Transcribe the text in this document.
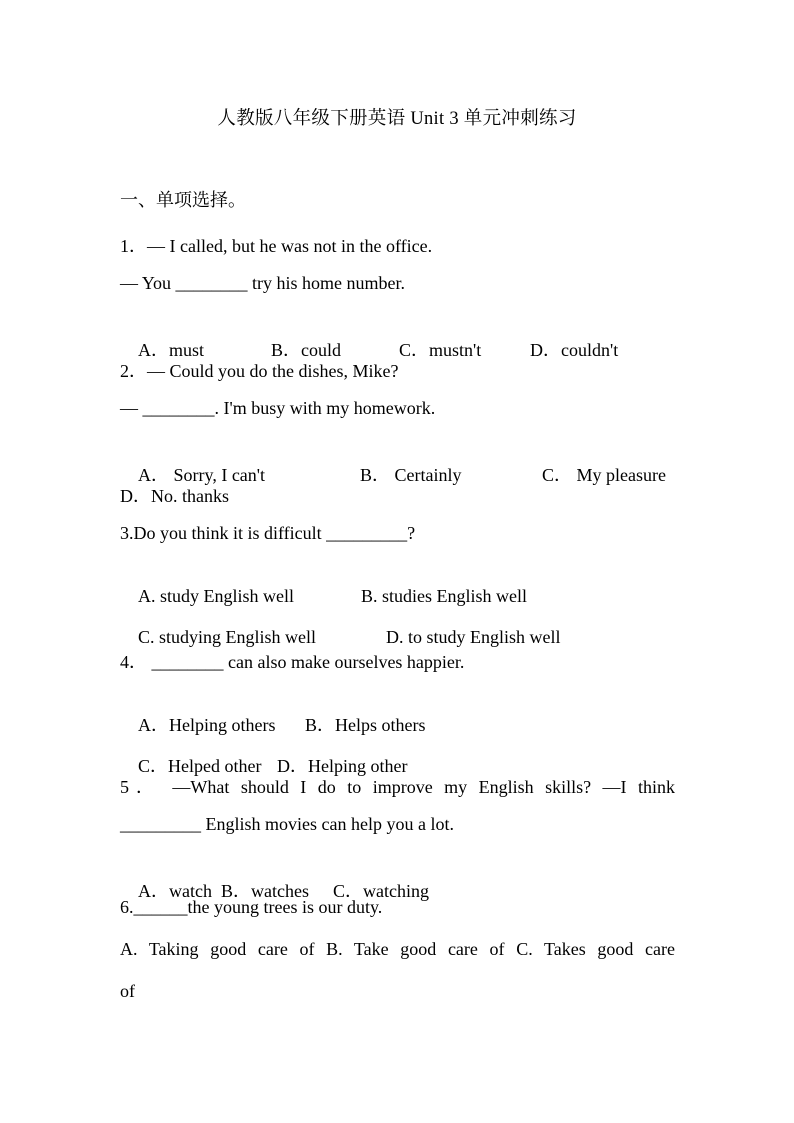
人教版八年级下册英语 Unit 3 单元冲刺练习
一、单项选择。
1．— I called, but he was not in the office.
— You ________ try his home number.

A．must	B．could	C．mustn't	D．couldn't

2．— Could you do the dishes, Mike?
— ________. I'm busy with my homework.

A． Sorry, I can't	B． Certainly	C． My pleasure

D．No. thanks
3.Do you think it is difficult _________?

A. study English well	B. studies English well

C. studying English well	D. to study English well

4． ________ can also make ourselves happier.

A．Helping others B．Helps others

C．Helped other D．Helping other

5． —What should I do to improve my English skills? —I think
_________ English movies can help you a lot.

A．watch B．watches C．watching

6.______the young trees is our duty.
A. Taking good care of B. Take good care of C. Takes good care
of
